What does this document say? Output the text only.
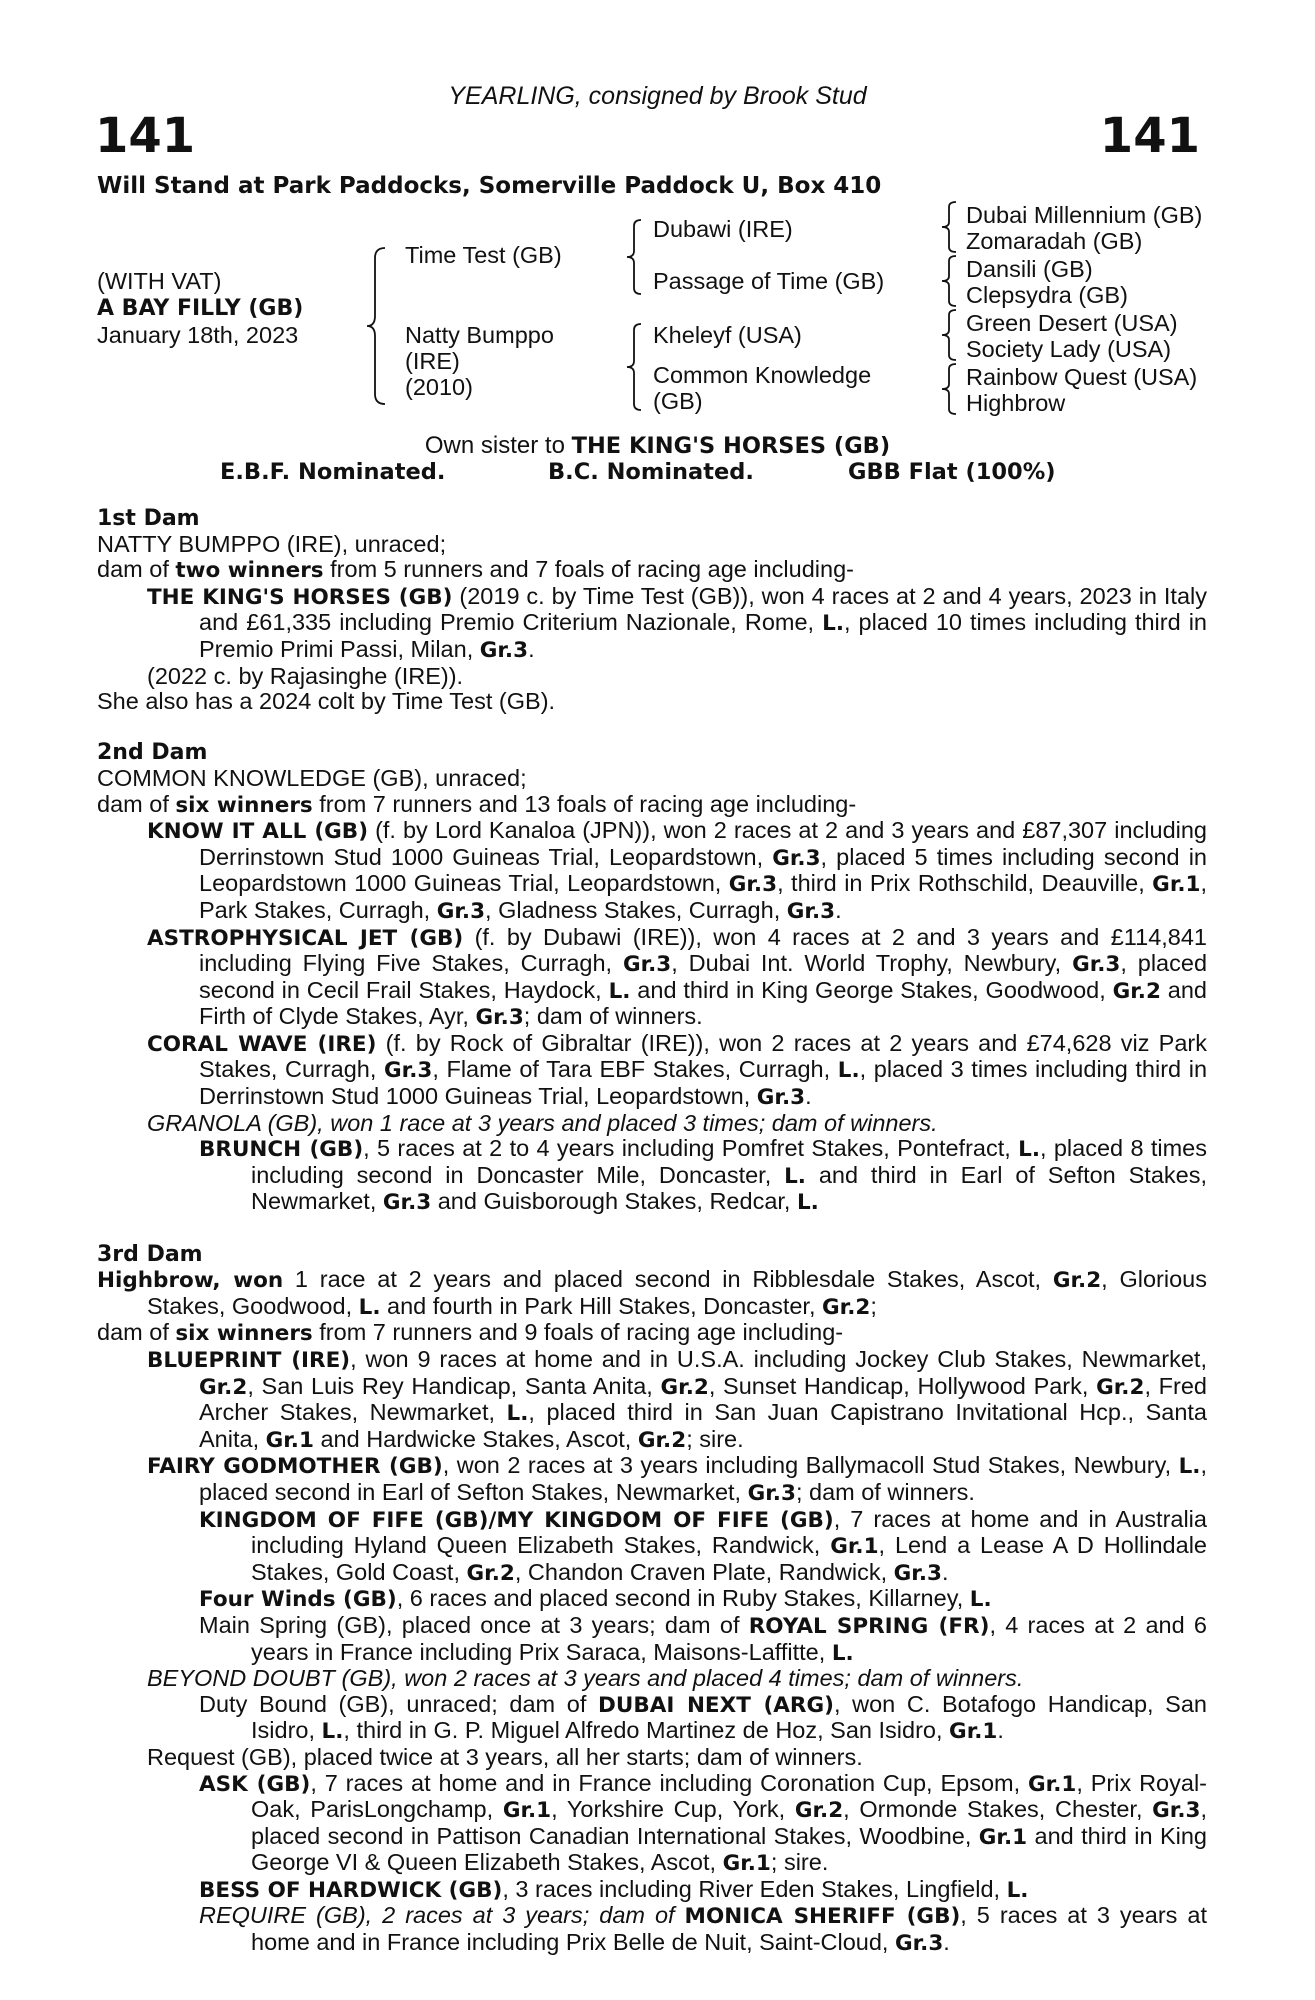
YEARLING, consigned by Brook Stud
141	141
Will Stand at Park Paddocks, Somerville Paddock U, Box 410
(WITH VAT)
A BAY FILLY (GB)
January 18th, 2023
Time Test (GB)
Natty Bumppo
(IRE)
(2010)
Dubawi (IRE)
Passage of Time (GB)
Kheleyf (USA)
Common Knowledge
(GB)
Dubai Millennium (GB)
Zomaradah (GB)
Dansili (GB)
Clepsydra (GB)
Green Desert (USA)
Society Lady (USA)
Rainbow Quest (USA)
Highbrow
Own sister to THE KING'S HORSES (GB)
E.B.F. Nominated.	B.C. Nominated.	GBB Flat (100%)

1st Dam

NATTY BUMPPO (IRE), unraced;

dam of two winners from 5 runners and 7 foals of racing age including-

THE KING'S HORSES (GB) (2019 c. by Time Test (GB)), won 4 races at 2 and 4 years, 2023 in Italy and £61,335 including Premio Criterium Nazionale, Rome, L., placed 10 times including third in Premio Primi Passi, Milan, Gr.3.

(2022 c. by Rajasinghe (IRE)).

She also has a 2024 colt by Time Test (GB).

2nd Dam

COMMON KNOWLEDGE (GB), unraced;

dam of six winners from 7 runners and 13 foals of racing age including-

KNOW IT ALL (GB) (f. by Lord Kanaloa (JPN)), won 2 races at 2 and 3 years and £87,307 including Derrinstown Stud 1000 Guineas Trial, Leopardstown, Gr.3, placed 5 times including second in Leopardstown 1000 Guineas Trial, Leopardstown, Gr.3, third in Prix Rothschild, Deauville, Gr.1, Park Stakes, Curragh, Gr.3, Gladness Stakes, Curragh, Gr.3.

ASTROPHYSICAL JET (GB) (f. by Dubawi (IRE)), won 4 races at 2 and 3 years and £114,841 including Flying Five Stakes, Curragh, Gr.3, Dubai Int. World Trophy, Newbury, Gr.3, placed second in Cecil Frail Stakes, Haydock, L. and third in King George Stakes, Goodwood, Gr.2 and Firth of Clyde Stakes, Ayr, Gr.3; dam of winners.

CORAL WAVE (IRE) (f. by Rock of Gibraltar (IRE)), won 2 races at 2 years and £74,628 viz Park Stakes, Curragh, Gr.3, Flame of Tara EBF Stakes, Curragh, L., placed 3 times including third in Derrinstown Stud 1000 Guineas Trial, Leopardstown, Gr.3.

GRANOLA (GB), won 1 race at 3 years and placed 3 times; dam of winners.

BRUNCH (GB), 5 races at 2 to 4 years including Pomfret Stakes, Pontefract, L., placed 8 times including second in Doncaster Mile, Doncaster, L. and third in Earl of Sefton Stakes, Newmarket, Gr.3 and Guisborough Stakes, Redcar, L.

3rd Dam

Highbrow, won 1 race at 2 years and placed second in Ribblesdale Stakes, Ascot, Gr.2, Glorious Stakes, Goodwood, L. and fourth in Park Hill Stakes, Doncaster, Gr.2;

dam of six winners from 7 runners and 9 foals of racing age including-

BLUEPRINT (IRE), won 9 races at home and in U.S.A. including Jockey Club Stakes, Newmarket, Gr.2, San Luis Rey Handicap, Santa Anita, Gr.2, Sunset Handicap, Hollywood Park, Gr.2, Fred Archer Stakes, Newmarket, L., placed third in San Juan Capistrano Invitational Hcp., Santa Anita, Gr.1 and Hardwicke Stakes, Ascot, Gr.2; sire.

FAIRY GODMOTHER (GB), won 2 races at 3 years including Ballymacoll Stud Stakes, Newbury, L., placed second in Earl of Sefton Stakes, Newmarket, Gr.3; dam of winners.

KINGDOM OF FIFE (GB)/MY KINGDOM OF FIFE (GB), 7 races at home and in Australia including Hyland Queen Elizabeth Stakes, Randwick, Gr.1, Lend a Lease A D Hollindale Stakes, Gold Coast, Gr.2, Chandon Craven Plate, Randwick, Gr.3.

Four Winds (GB), 6 races and placed second in Ruby Stakes, Killarney, L.

Main Spring (GB), placed once at 3 years; dam of ROYAL SPRING (FR), 4 races at 2 and 6 years in France including Prix Saraca, Maisons-Laffitte, L.

BEYOND DOUBT (GB), won 2 races at 3 years and placed 4 times; dam of winners.

Duty Bound (GB), unraced; dam of DUBAI NEXT (ARG), won C. Botafogo Handicap, San Isidro, L., third in G. P. Miguel Alfredo Martinez de Hoz, San Isidro, Gr.1.

Request (GB), placed twice at 3 years, all her starts; dam of winners.

ASK (GB), 7 races at home and in France including Coronation Cup, Epsom, Gr.1, Prix Royal-Oak, ParisLongchamp, Gr.1, Yorkshire Cup, York, Gr.2, Ormonde Stakes, Chester, Gr.3, placed second in Pattison Canadian International Stakes, Woodbine, Gr.1 and third in King George VI & Queen Elizabeth Stakes, Ascot, Gr.1; sire.

BESS OF HARDWICK (GB), 3 races including River Eden Stakes, Lingfield, L.

REQUIRE (GB), 2 races at 3 years; dam of MONICA SHERIFF (GB), 5 races at 3 years at home and in France including Prix Belle de Nuit, Saint-Cloud, Gr.3.
